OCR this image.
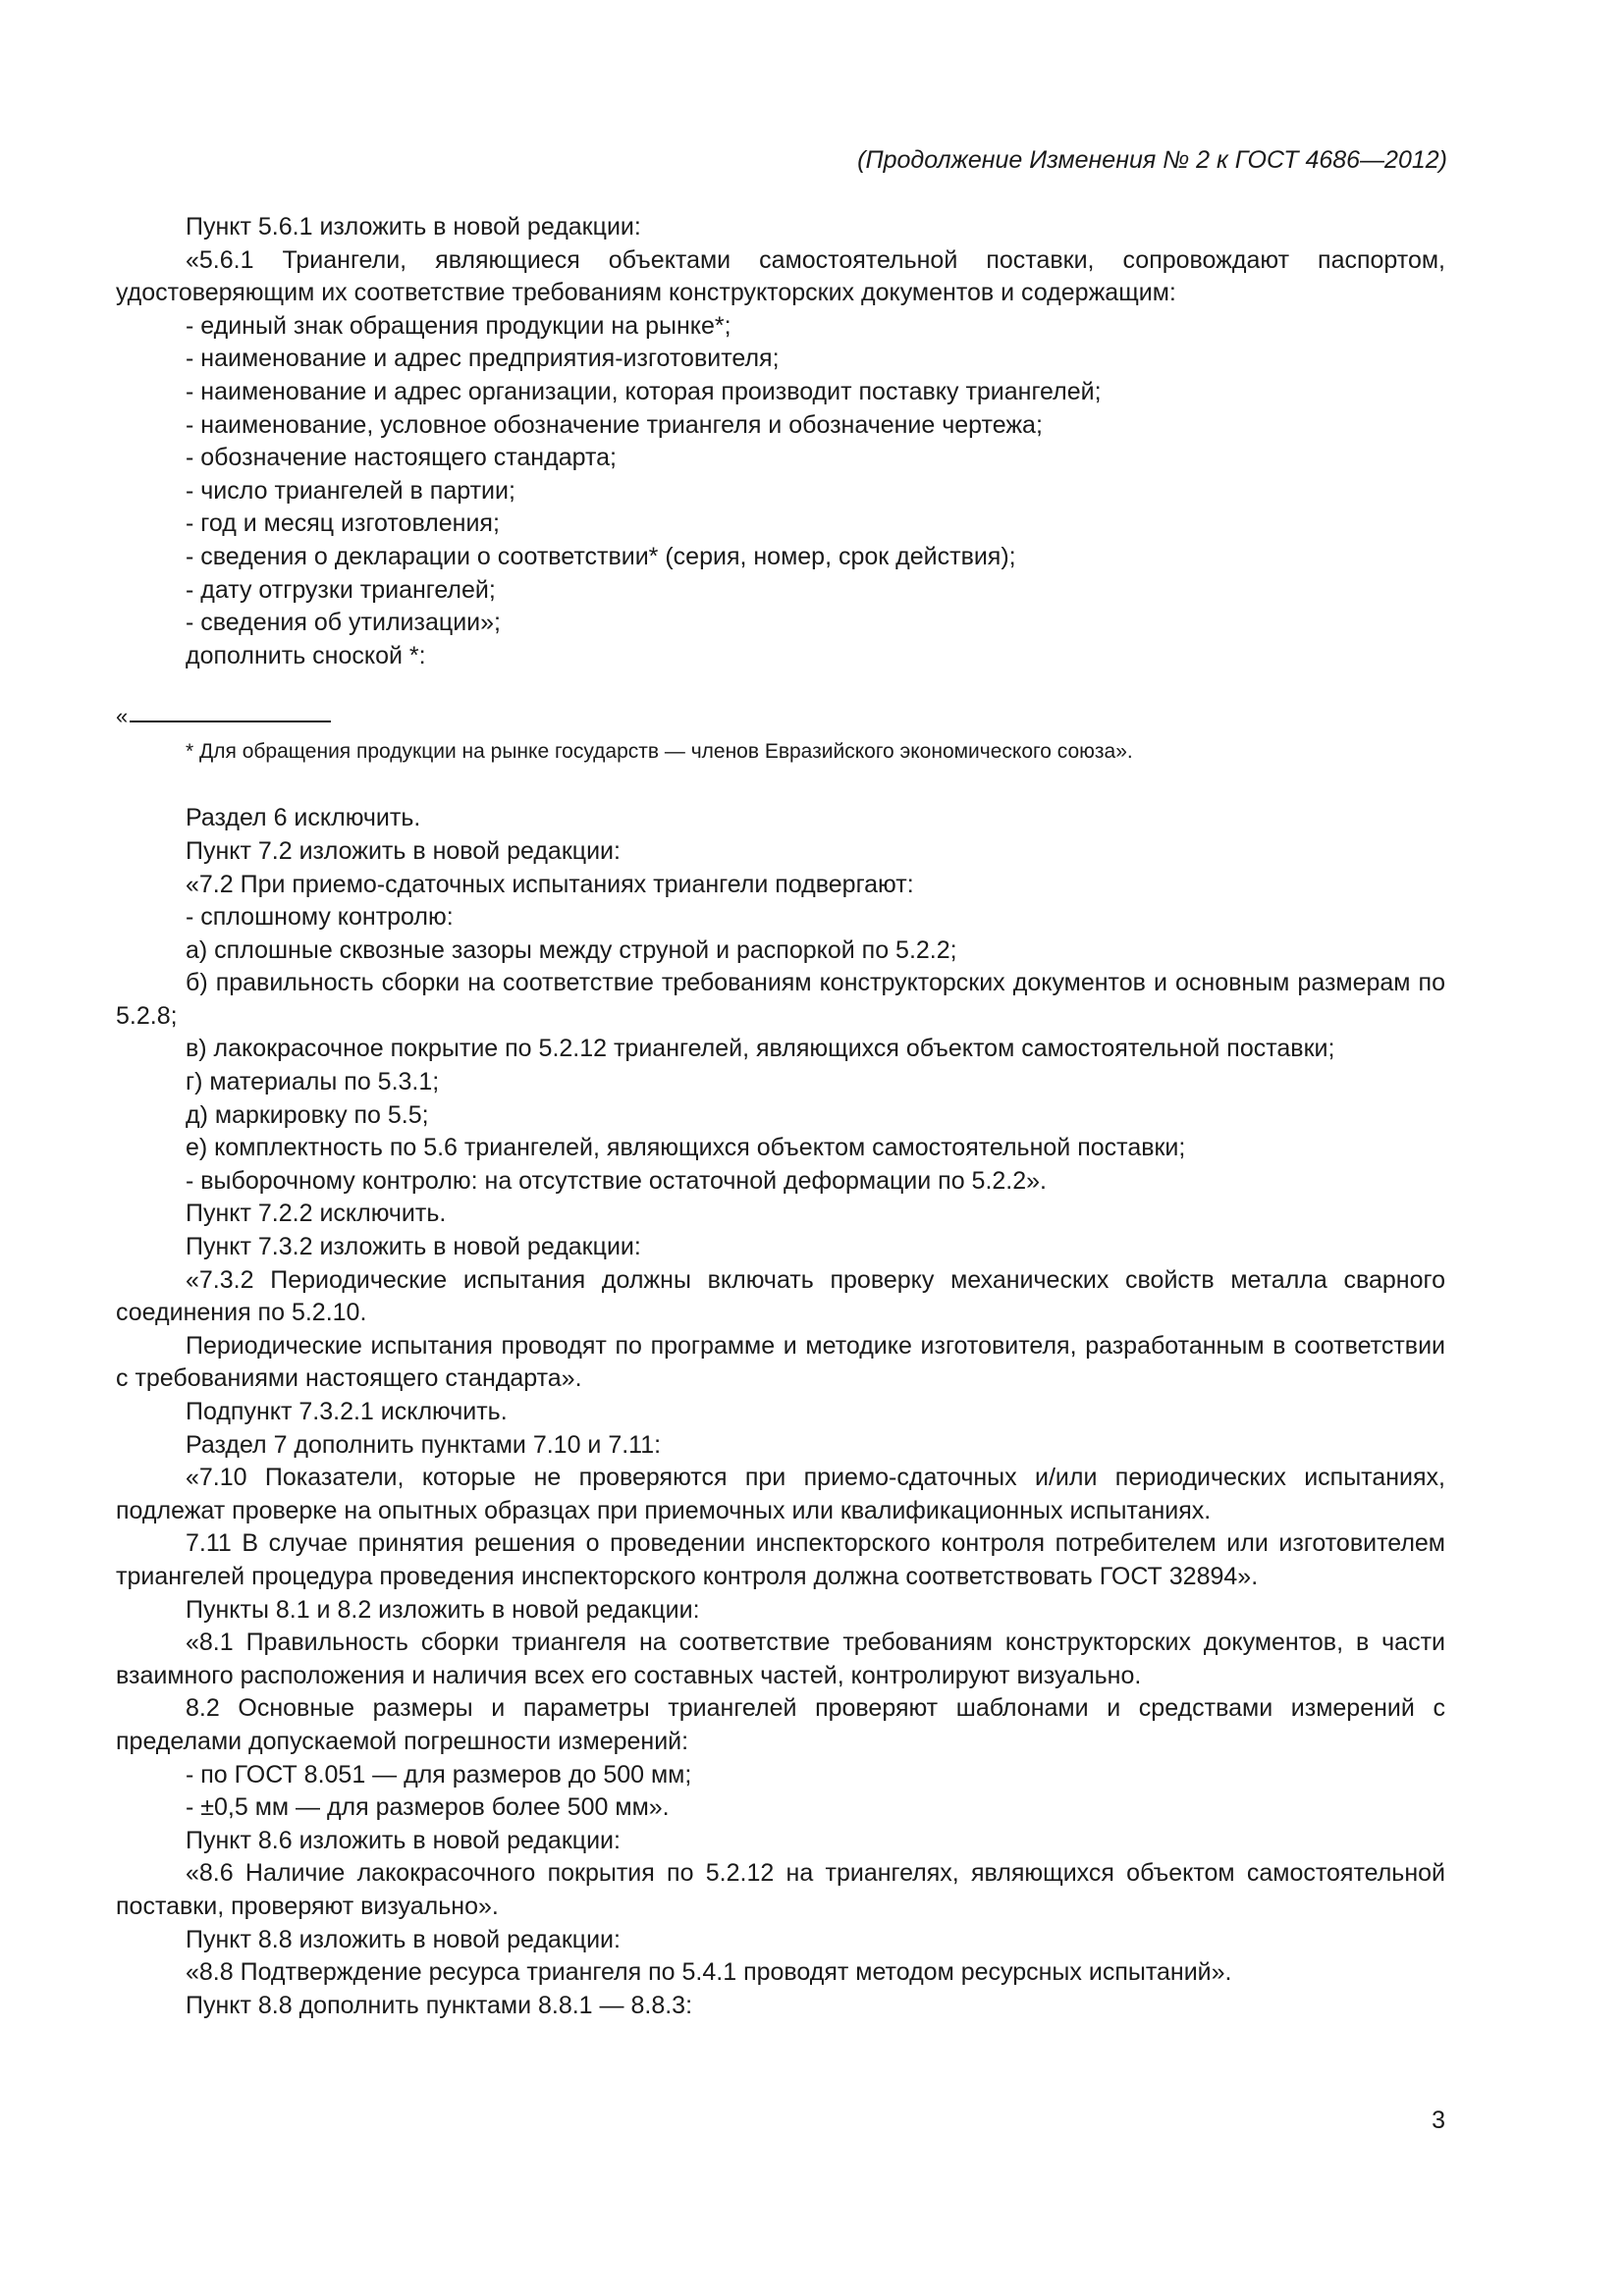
(Продолжение Изменения № 2 к ГОСТ 4686—2012)

Пункт 5.6.1 изложить в новой редакции:

«5.6.1 Триангели, являющиеся объектами самостоятельной поставки, сопровождают паспортом, удостоверяющим их соответствие требованиям конструкторских документов и содержащим:

- единый знак обращения продукции на рынке*;

- наименование и адрес предприятия-изготовителя;

- наименование и адрес организации, которая производит поставку триангелей;

- наименование, условное обозначение триангеля и обозначение чертежа;

- обозначение настоящего стандарта;

- число триангелей в партии;

- год и месяц изготовления;

- сведения о декларации о соответствии* (серия, номер, срок действия);

- дату отгрузки триангелей;

- сведения об утилизации»;

дополнить сноской *:

«

* Для обращения продукции на рынке государств — членов Евразийского экономического союза».

Раздел 6 исключить.

Пункт 7.2 изложить в новой редакции:

«7.2 При приемо-сдаточных испытаниях триангели подвергают:

- сплошному контролю:

а) сплошные сквозные зазоры между струной и распоркой по 5.2.2;

б) правильность сборки на соответствие требованиям конструкторских документов и основным размерам по 5.2.8;

в) лакокрасочное покрытие по 5.2.12 триангелей, являющихся объектом самостоятельной поставки;

г) материалы по 5.3.1;

д) маркировку по 5.5;

е) комплектность по 5.6 триангелей, являющихся объектом самостоятельной поставки;

- выборочному контролю: на отсутствие остаточной деформации по 5.2.2».

Пункт 7.2.2 исключить.

Пункт 7.3.2 изложить в новой редакции:

«7.3.2 Периодические испытания должны включать проверку механических свойств металла сварного соединения по 5.2.10.

Периодические испытания проводят по программе и методике изготовителя, разработанным в соответствии с требованиями настоящего стандарта».

Подпункт 7.3.2.1 исключить.

Раздел 7 дополнить пунктами 7.10 и 7.11:

«7.10 Показатели, которые не проверяются при приемо-сдаточных и/или периодических испытаниях, подлежат проверке на опытных образцах при приемочных или квалификационных испытаниях.

7.11 В случае принятия решения о проведении инспекторского контроля потребителем или изготовителем триангелей процедура проведения инспекторского контроля должна соответствовать ГОСТ 32894».

Пункты 8.1 и 8.2 изложить в новой редакции:

«8.1 Правильность сборки триангеля на соответствие требованиям конструкторских документов, в части взаимного расположения и наличия всех его составных частей, контролируют визуально.

8.2 Основные размеры и параметры триангелей проверяют шаблонами и средствами измерений с пределами допускаемой погрешности измерений:

- по ГОСТ 8.051 — для размеров до 500 мм;

- ±0,5 мм — для размеров более 500 мм».

Пункт 8.6 изложить в новой редакции:

«8.6 Наличие лакокрасочного покрытия по 5.2.12 на триангелях, являющихся объектом самостоятельной поставки, проверяют визуально».

Пункт 8.8 изложить в новой редакции:

«8.8 Подтверждение ресурса триангеля по 5.4.1 проводят методом ресурсных испытаний».

Пункт 8.8 дополнить пунктами 8.8.1 — 8.8.3:

3
